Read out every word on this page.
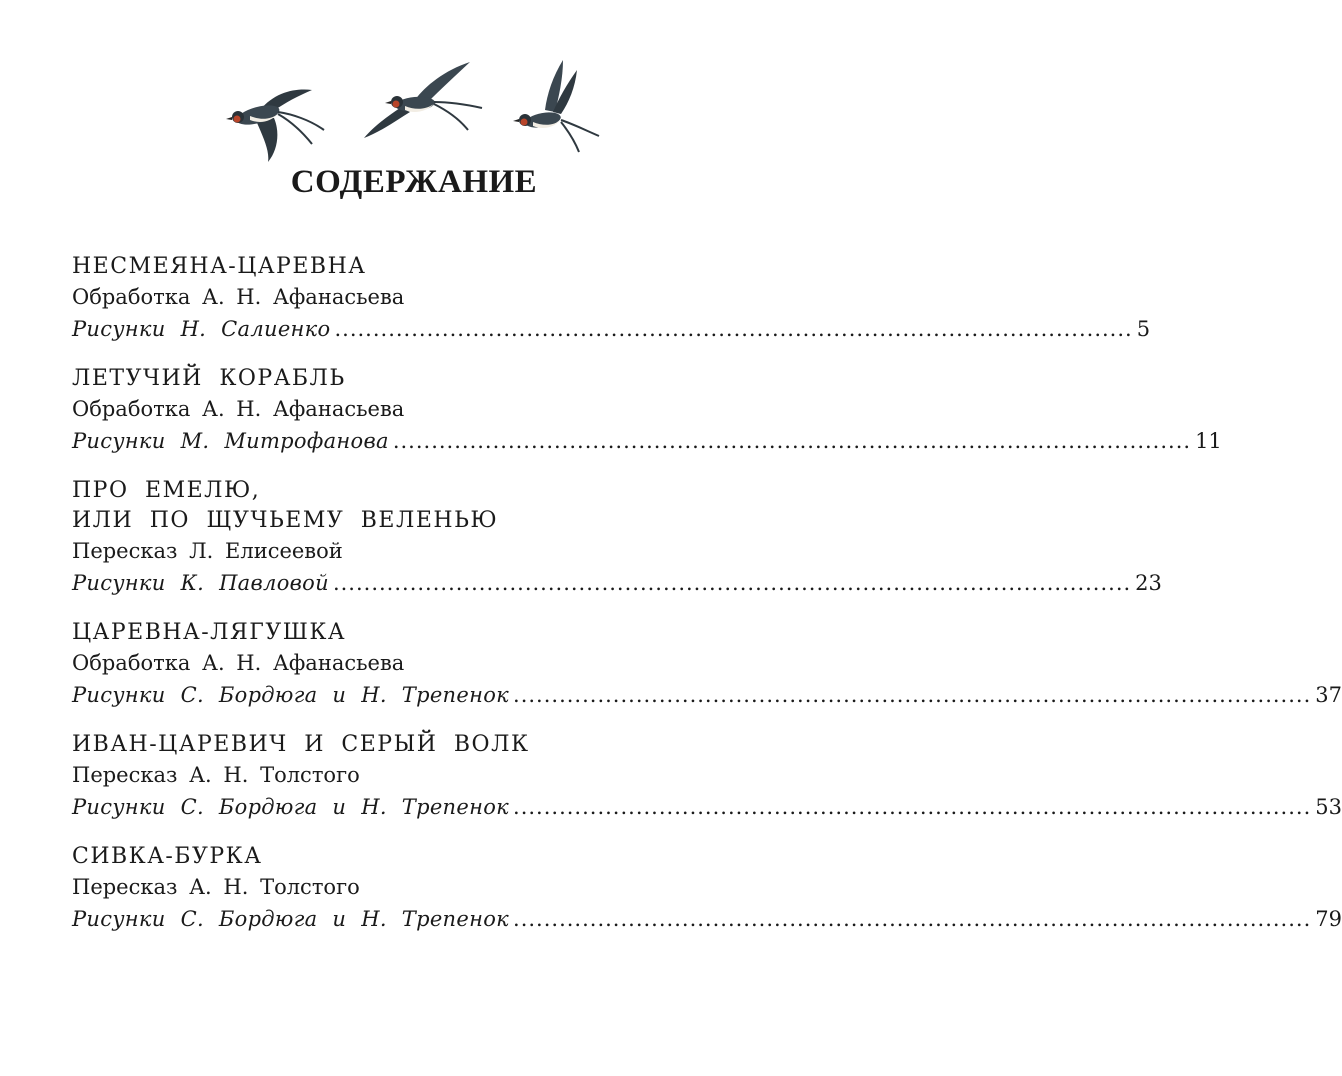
СОДЕРЖАНИЕ
НЕСМЕЯНА-ЦАРЕВНА
Обработка А. Н. Афанасьева
Рисунки Н. Салиенко ........................................................................................................ 5
ЛЕТУЧИЙ КОРАБЛЬ
Обработка А. Н. Афанасьева
Рисунки М. Митрофанова ........................................................................................................ 11
ПРО ЕМЕЛЮ,
ИЛИ ПО ЩУЧЬЕМУ ВЕЛЕНЬЮ
Пересказ Л. Елисеевой
Рисунки К. Павловой ........................................................................................................ 23
ЦАРЕВНА-ЛЯГУШКА
Обработка А. Н. Афанасьева
Рисунки С. Бордюга и Н. Трепенок ........................................................................................................ 37
ИВАН-ЦАРЕВИЧ И СЕРЫЙ ВОЛК
Пересказ А. Н. Толстого
Рисунки С. Бордюга и Н. Трепенок ........................................................................................................ 53
СИВКА-БУРКА
Пересказ А. Н. Толстого
Рисунки С. Бордюга и Н. Трепенок ........................................................................................................ 79
